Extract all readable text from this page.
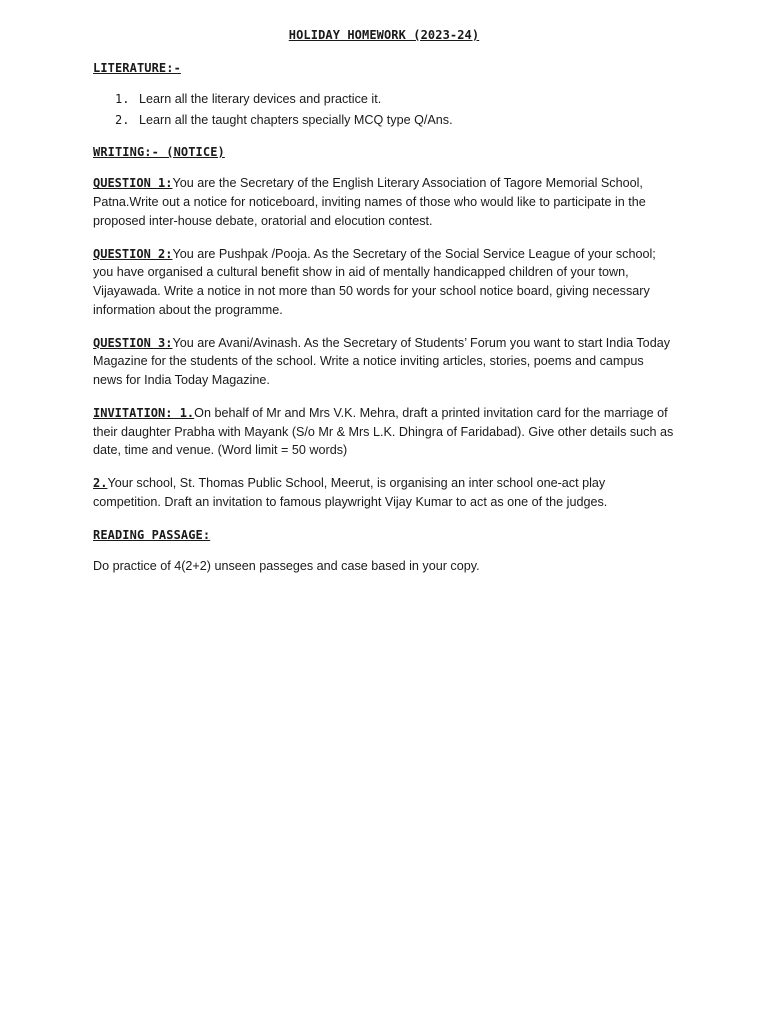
HOLIDAY HOMEWORK (2023-24)
LITERATURE:-
1. Learn all the literary devices and practice it.
2. Learn all the taught chapters specially MCQ type Q/Ans.
WRITING:- (NOTICE)

QUESTION 1:You are the Secretary of the English Literary Association of Tagore Memorial School, Patna.Write out a notice for noticeboard, inviting names of those who would like to participate in the proposed inter-house debate, oratorial and elocution contest.

QUESTION 2:You are Pushpak /Pooja. As the Secretary of the Social Service League of your school; you have organised a cultural benefit show in aid of mentally handicapped children of your town, Vijayawada. Write a notice in not more than 50 words for your school notice board, giving necessary information about the programme.

QUESTION 3:You are Avani/Avinash. As the Secretary of Students’ Forum you want to start India Today Magazine for the students of the school. Write a notice inviting articles, stories, poems and campus news for India Today Magazine.

INVITATION: 1.On behalf of Mr and Mrs V.K. Mehra, draft a printed invitation card for the marriage of their daughter Prabha with Mayank (S/o Mr & Mrs L.K. Dhingra of Faridabad). Give other details such as date, time and venue. (Word limit = 50 words)

2.Your school, St. Thomas Public School, Meerut, is organising an inter school one-act play competition. Draft an invitation to famous playwright Vijay Kumar to act as one of the judges.

READING PASSAGE:

Do practice of 4(2+2) unseen passeges and case based in your copy.
